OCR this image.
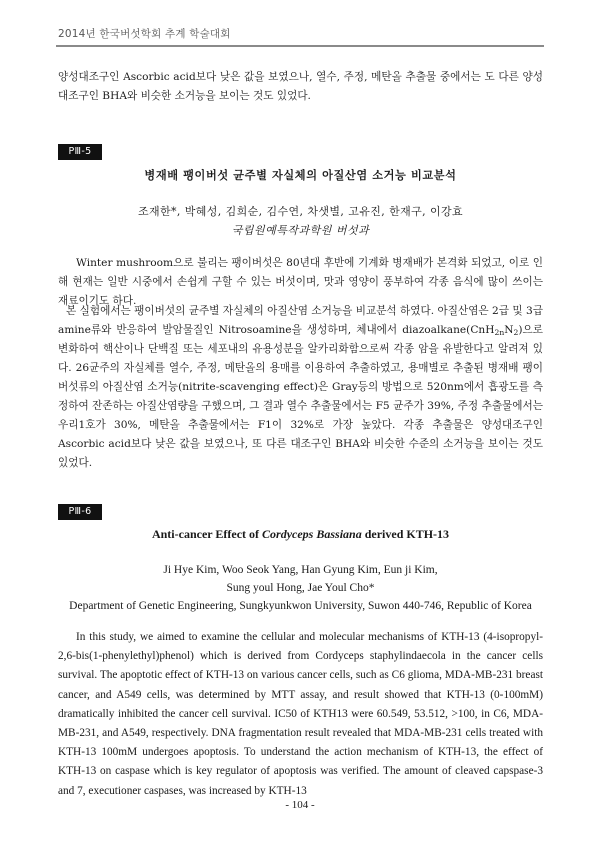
2014년 한국버섯학회 추계 학술대회

양성대조구인 Ascorbic acid보다 낮은 값을 보였으나, 열수, 주정, 메탄올 추출물 중에서는 도 다른 양성대조구인 BHA와 비슷한 소거능을 보이는 것도 있었다.

PⅢ-5
병재배 팽이버섯 균주별 자실체의 아질산염 소거능 비교분석
조재한*, 박혜성, 김희순, 김수연, 차샛별, 고유진, 한재구, 이강효
국립원예특작과학원 버섯과

Winter mushroom으로 불리는 팽이버섯은 80년대 후반에 기계화 병재배가 본격화 되었고, 이로 인해 현재는 일반 시중에서 손쉽게 구할 수 있는 버섯이며, 맛과 영양이 풍부하여 각종 음식에 많이 쓰이는 재료이기도 하다.

본 실험에서는 팽이버섯의 균주별 자실체의 아질산염 소거능을 비교분석 하였다. 아질산염은 2급 및 3급 amine류와 반응하여 발암물질인 Nitrosoamine을 생성하며, 체내에서 $diazoalkane(CnH_{2n}N_2)$으로 변화하여 핵산이나 단백질 또는 세포내의 유용성분을 알카리화함으로써 각종 암을 유발한다고 알려져 있다. 26균주의 자실체를 열수, 주정, 메탄올의 용매를 이용하여 추출하였고, 용매별로 추출된 병재배 팽이 버섯류의 아질산염 소거능(nitrite-scavenging effect)은 Gray등의 방법으로 520nm에서 흡광도를 측정하여 잔존하는 아질산염량을 구했으며, 그 결과 열수 추출물에서는 F5 균주가 39%, 주정 추출물에서는 우리1호가 30%, 메탄올 추출물에서는 F1이 32%로 가장 높았다. 각종 추출물은 양성대조구인 Ascorbic acid보다 낮은 값을 보였으나, 또 다른 대조구인 BHA와 비슷한 수준의 소거능을 보이는 것도 있었다.

PⅢ-6
Anti-cancer Effect of Cordyceps Bassiana derived KTH-13
Ji Hye Kim, Woo Seok Yang, Han Gyung Kim, Eun ji Kim,
Sung youl Hong, Jae Youl Cho*
Department of Genetic Engineering, Sungkyunkwon University, Suwon 440-746, Republic of Korea

In this study, we aimed to examine the cellular and molecular mechanisms of KTH-13 (4-isopropyl-2,6-bis(1-phenylethyl)phenol) which is derived from Cordyceps staphylindaecola in the cancer cells survival. The apoptotic effect of KTH-13 on various cancer cells, such as C6 glioma, MDA-MB-231 breast cancer, and A549 cells, was determined by MTT assay, and result showed that KTH-13 (0-100mM) dramatically inhibited the cancer cell survival. IC50 of KTH13 were 60.549, 53.512, >100, in C6, MDA-MB-231, and A549, respectively. DNA fragmentation result revealed that MDA-MB-231 cells treated with KTH-13 100mM undergoes apoptosis. To understand the action mechanism of KTH-13, the effect of KTH-13 on caspase which is key regulator of apoptosis was verified. The amount of cleaved capspase-3 and 7, executioner caspases, was increased by KTH-13

- 104 -
